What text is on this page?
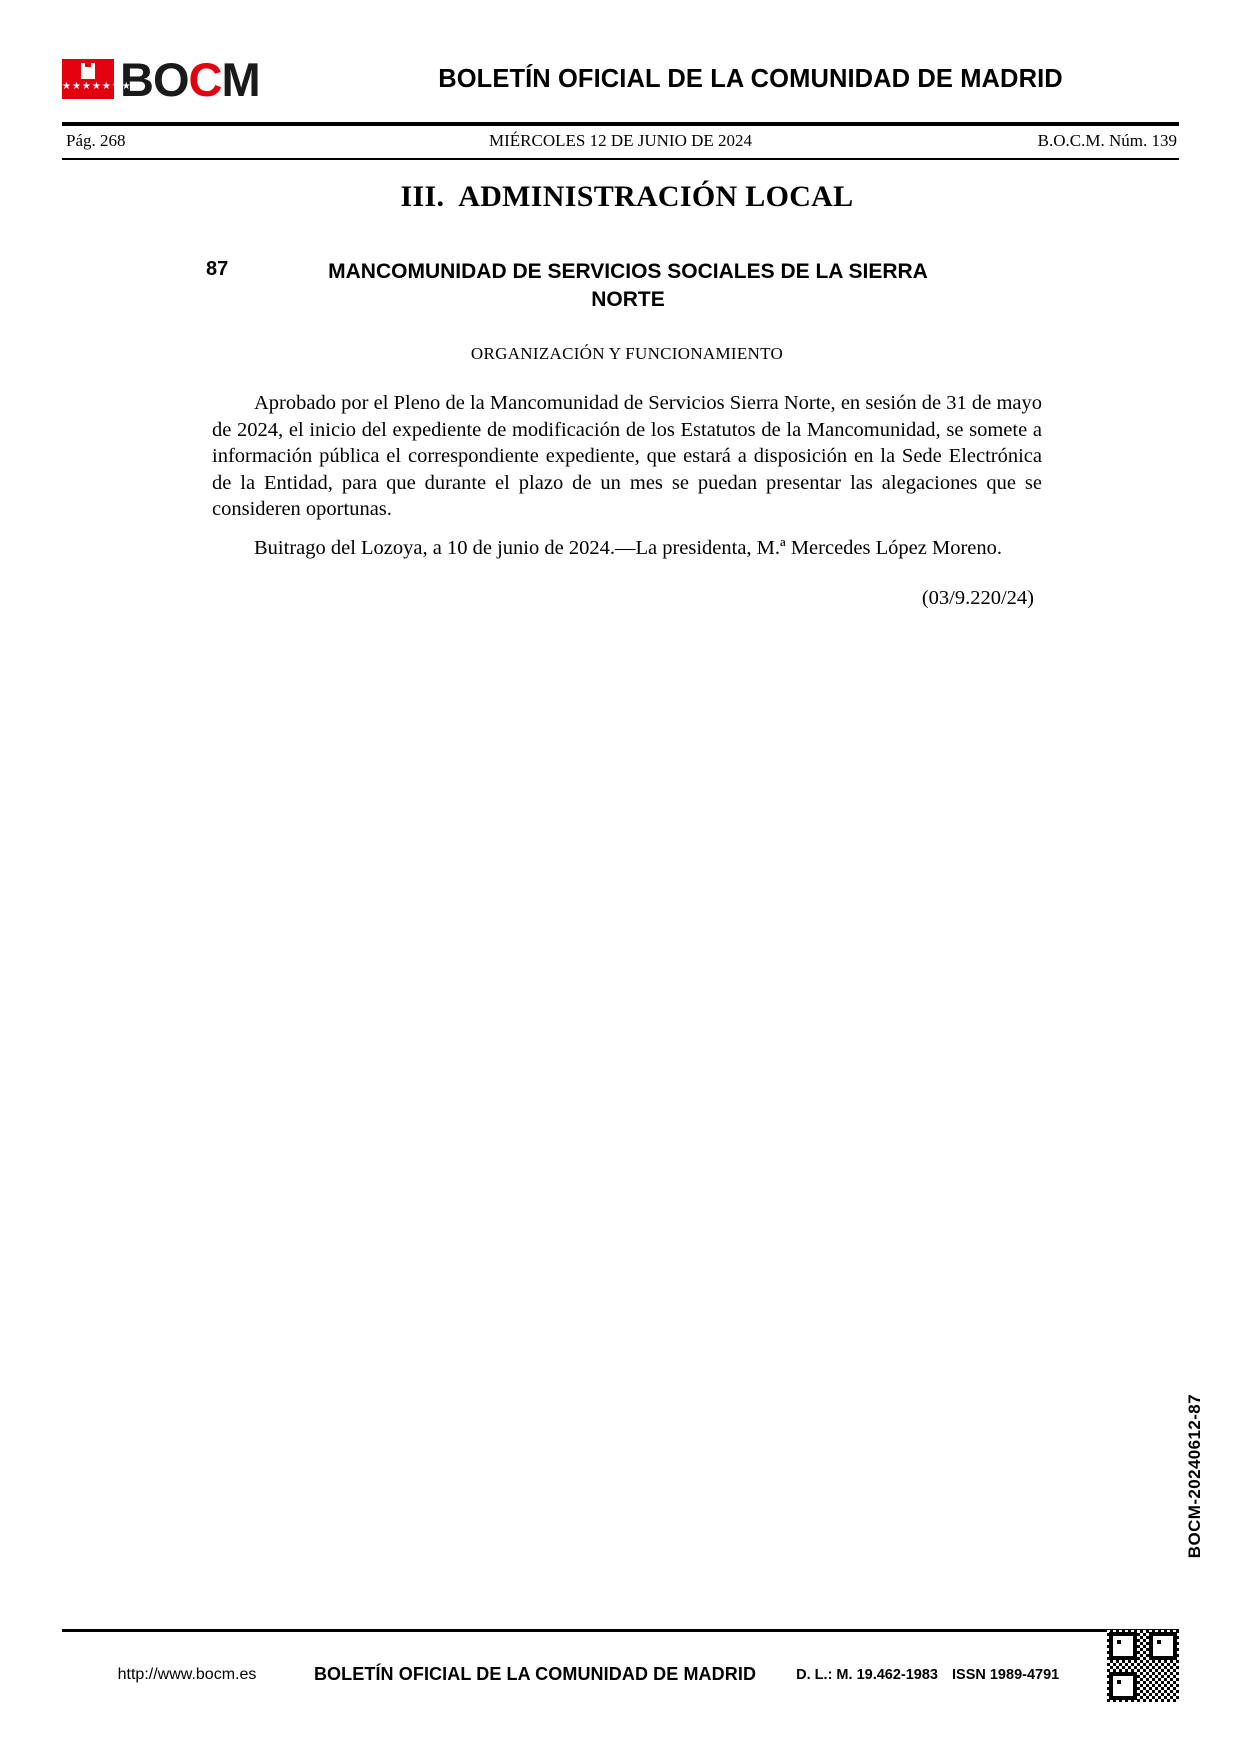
★★★★★★★
BOCM	BOLETÍN OFICIAL DE LA COMUNIDAD DE MADRID
Pág. 268	MIÉRCOLES 12 DE JUNIO DE 2024	B.O.C.M. Núm. 139
III. ADMINISTRACIÓN LOCAL
87	MANCOMUNIDAD DE SERVICIOS SOCIALES DE LA SIERRA NORTE
ORGANIZACIÓN Y FUNCIONAMIENTO

Aprobado por el Pleno de la Mancomunidad de Servicios Sierra Norte, en sesión de 31 de mayo de 2024, el inicio del expediente de modificación de los Estatutos de la Mancomunidad, se somete a información pública el correspondiente expediente, que estará a disposición en la Sede Electrónica de la Entidad, para que durante el plazo de un mes se puedan presentar las alegaciones que se consideren oportunas.

Buitrago del Lozoya, a 10 de junio de 2024.—La presidenta, M.ª Mercedes López Moreno.

(03/9.220/24)

BOCM-20240612-87
http://www.bocm.es	BOLETÍN OFICIAL DE LA COMUNIDAD DE MADRID	D. L.: M. 19.462-1983 ISSN 1989-4791
